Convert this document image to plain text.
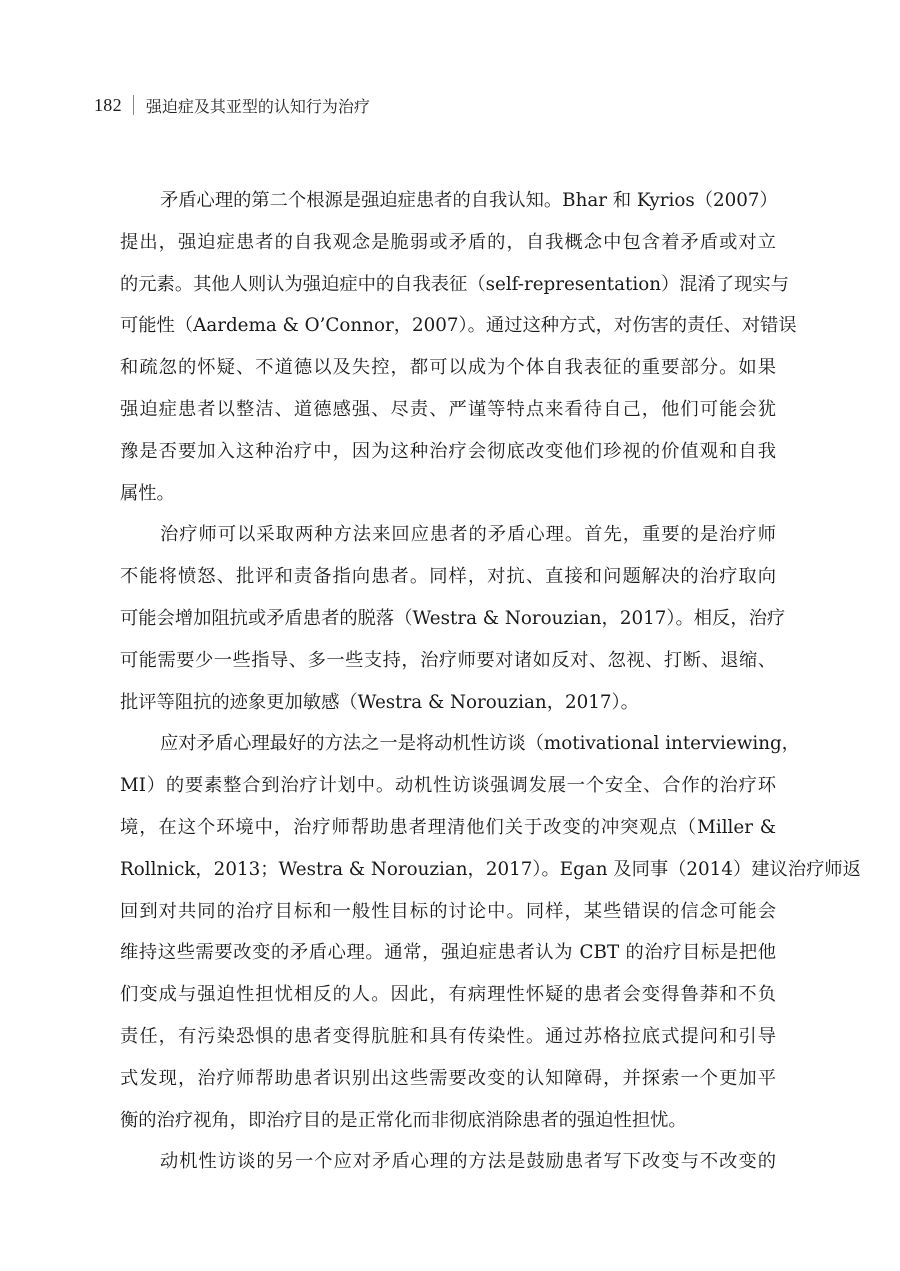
182 强迫症及其亚型的认知行为治疗
矛盾心理的第二个根源是强迫症患者的自我认知。Bhar 和 Kyrios（2007）
提出，强迫症患者的自我观念是脆弱或矛盾的，自我概念中包含着矛盾或对立
的元素。其他人则认为强迫症中的自我表征（self-representation）混淆了现实与
可能性（Aardema & O’Connor，2007）。通过这种方式，对伤害的责任、对错误
和疏忽的怀疑、不道德以及失控，都可以成为个体自我表征的重要部分。如果
强迫症患者以整洁、道德感强、尽责、严谨等特点来看待自己，他们可能会犹
豫是否要加入这种治疗中，因为这种治疗会彻底改变他们珍视的价值观和自我
属性。
治疗师可以采取两种方法来回应患者的矛盾心理。首先，重要的是治疗师
不能将愤怒、批评和责备指向患者。同样，对抗、直接和问题解决的治疗取向
可能会增加阻抗或矛盾患者的脱落（Westra & Norouzian，2017）。相反，治疗
可能需要少一些指导、多一些支持，治疗师要对诸如反对、忽视、打断、退缩、
批评等阻抗的迹象更加敏感（Westra & Norouzian，2017）。
应对矛盾心理最好的方法之一是将动机性访谈（motivational interviewing，
MI）的要素整合到治疗计划中。动机性访谈强调发展一个安全、合作的治疗环
境，在这个环境中，治疗师帮助患者理清他们关于改变的冲突观点（Miller &
Rollnick，2013；Westra & Norouzian，2017）。Egan 及同事（2014）建议治疗师返
回到对共同的治疗目标和一般性目标的讨论中。同样，某些错误的信念可能会
维持这些需要改变的矛盾心理。通常，强迫症患者认为 CBT 的治疗目标是把他
们变成与强迫性担忧相反的人。因此，有病理性怀疑的患者会变得鲁莽和不负
责任，有污染恐惧的患者变得肮脏和具有传染性。通过苏格拉底式提问和引导
式发现，治疗师帮助患者识别出这些需要改变的认知障碍，并探索一个更加平
衡的治疗视角，即治疗目的是正常化而非彻底消除患者的强迫性担忧。
动机性访谈的另一个应对矛盾心理的方法是鼓励患者写下改变与不改变的
